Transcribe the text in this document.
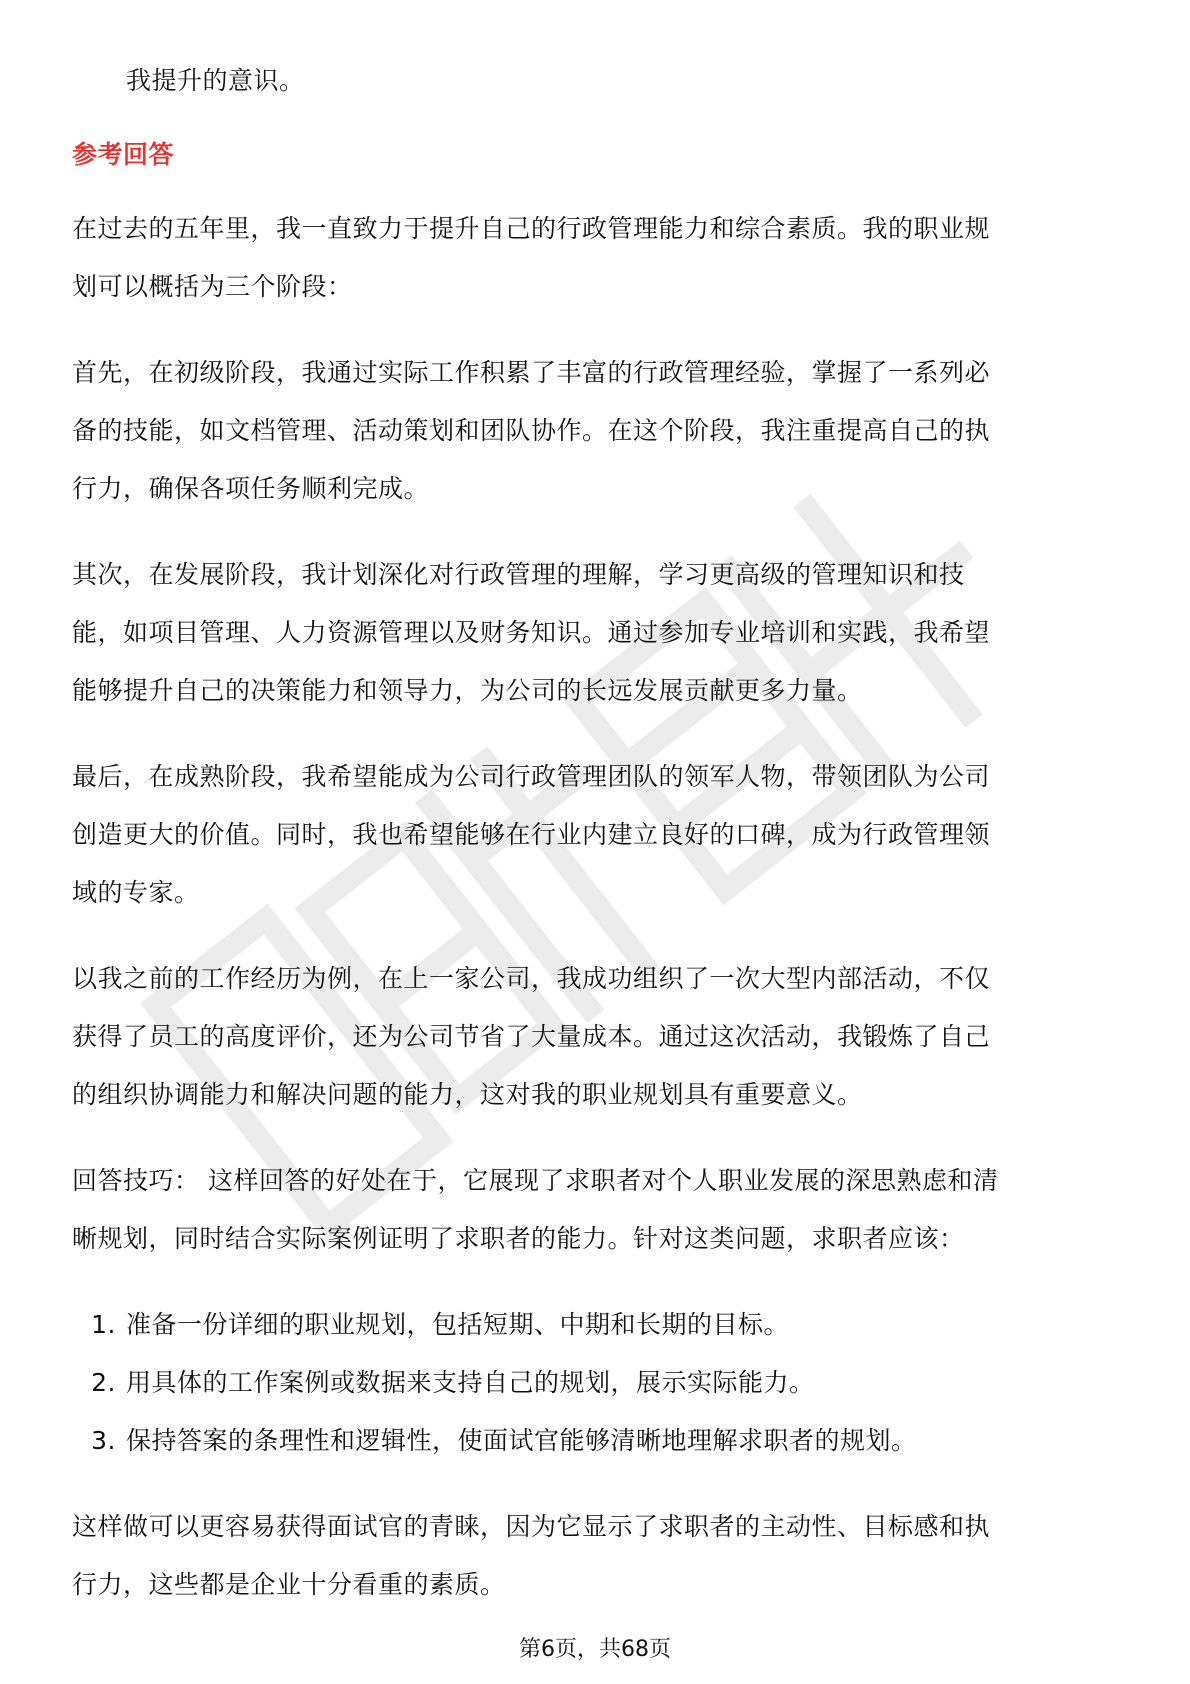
我提升的意识。

参考回答

在过去的五年里，我一直致力于提升自己的行政管理能力和综合素质。我的职业规

划可以概括为三个阶段：

首先，在初级阶段，我通过实际工作积累了丰富的行政管理经验，掌握了一系列必

备的技能，如文档管理、活动策划和团队协作。在这个阶段，我注重提高自己的执

行力，确保各项任务顺利完成。

其次，在发展阶段，我计划深化对行政管理的理解，学习更高级的管理知识和技

能，如项目管理、人力资源管理以及财务知识。通过参加专业培训和实践，我希望

能够提升自己的决策能力和领导力，为公司的长远发展贡献更多力量。

最后，在成熟阶段，我希望能成为公司行政管理团队的领军人物，带领团队为公司

创造更大的价值。同时，我也希望能够在行业内建立良好的口碑，成为行政管理领

域的专家。

以我之前的工作经历为例，在上一家公司，我成功组织了一次大型内部活动，不仅

获得了员工的高度评价，还为公司节省了大量成本。通过这次活动，我锻炼了自己

的组织协调能力和解决问题的能力，这对我的职业规划具有重要意义。

回答技巧： 这样回答的好处在于，它展现了求职者对个人职业发展的深思熟虑和清

晰规划，同时结合实际案例证明了求职者的能力。针对这类问题，求职者应该：

1. 准备一份详细的职业规划，包括短期、中期和长期的目标。
2. 用具体的工作案例或数据来支持自己的规划，展示实际能力。
3. 保持答案的条理性和逻辑性，使面试官能够清晰地理解求职者的规划。

这样做可以更容易获得面试官的青睐，因为它显示了求职者的主动性、目标感和执

行力，这些都是企业十分看重的素质。

第6页，共68页
